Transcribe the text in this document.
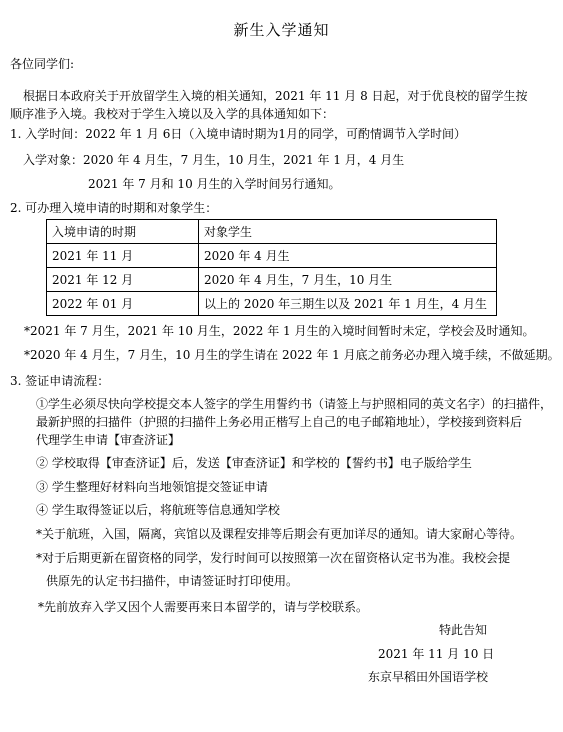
新生入学通知
各位同学们:
根据日本政府关于开放留学生入境的相关通知，2021 年 11 月 8 日起，对于优良校的留学生按
顺序准予入境。我校对于学生入境以及入学的具体通知如下：
1. 入学时间：2022 年 1 月 6日（入境申请时期为1月的同学，可酌情调节入学时间）
入学对象：2020 年 4 月生，7 月生，10 月生，2021 年 1 月，4 月生
2021 年 7 月和 10 月生的入学时间另行通知。
2. 可办理入境申请的时期和对象学生：
入境申请的时期	对象学生
2021 年 11 月	2020 年 4 月生
2021 年 12 月	2020 年 4 月生，7 月生，10 月生
2022 年 01 月	以上的 2020 年三期生以及 2021 年 1 月生，4 月生
*2021 年 7 月生，2021 年 10 月生，2022 年 1 月生的入境时间暂时未定，学校会及时通知。
*2020 年 4 月生，7 月生，10 月生的学生请在 2022 年 1 月底之前务必办理入境手续，不做延期。
3. 签证申请流程：
①学生必须尽快向学校提交本人签字的学生用誓约书（请签上与护照相同的英文名字）的扫描件，
最新护照的扫描件（护照的扫描件上务必用正楷写上自己的电子邮箱地址），学校接到资料后
代理学生申请【审查济证】
② 学校取得【审查济证】后，发送【审查济证】和学校的【誓约书】电子版给学生
③ 学生整理好材料向当地领馆提交签证申请
④ 学生取得签证以后，将航班等信息通知学校
*关于航班，入国，隔离，宾馆以及课程安排等后期会有更加详尽的通知。请大家耐心等待。
*对于后期更新在留资格的同学，发行时间可以按照第一次在留资格认定书为准。我校会提
供原先的认定书扫描件，申请签证时打印使用。
*先前放弃入学又因个人需要再来日本留学的，请与学校联系。
特此告知
2021 年 11 月 10 日
东京早稻田外国语学校
